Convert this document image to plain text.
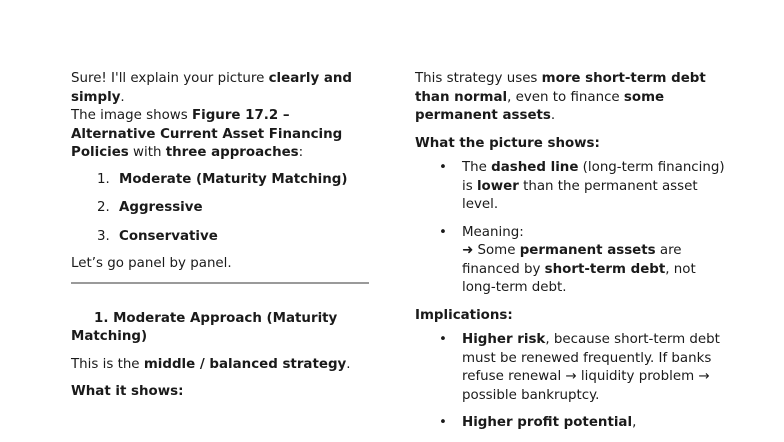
Sure! I'll explain your picture clearly and simply.

The image shows Figure 17.2 – Alternative Current Asset Financing Policies with three approaches:

1. Moderate (Maturity Matching)
2. Aggressive
3. Conservative

Let’s go panel by panel.

1. Moderate Approach (Maturity Matching)

This is the middle / balanced strategy.

What it shows:

This strategy uses more short-term debt than normal, even to finance some permanent assets.

What the picture shows:

• The dashed line (long-term financing) is lower than the permanent asset level.
• Meaning:
➜ Some permanent assets are financed by short-term debt, not long-term debt.

Implications:

• Higher risk, because short-term debt must be renewed frequently. If banks refuse renewal → liquidity problem → possible bankruptcy.
• Higher profit potential,
